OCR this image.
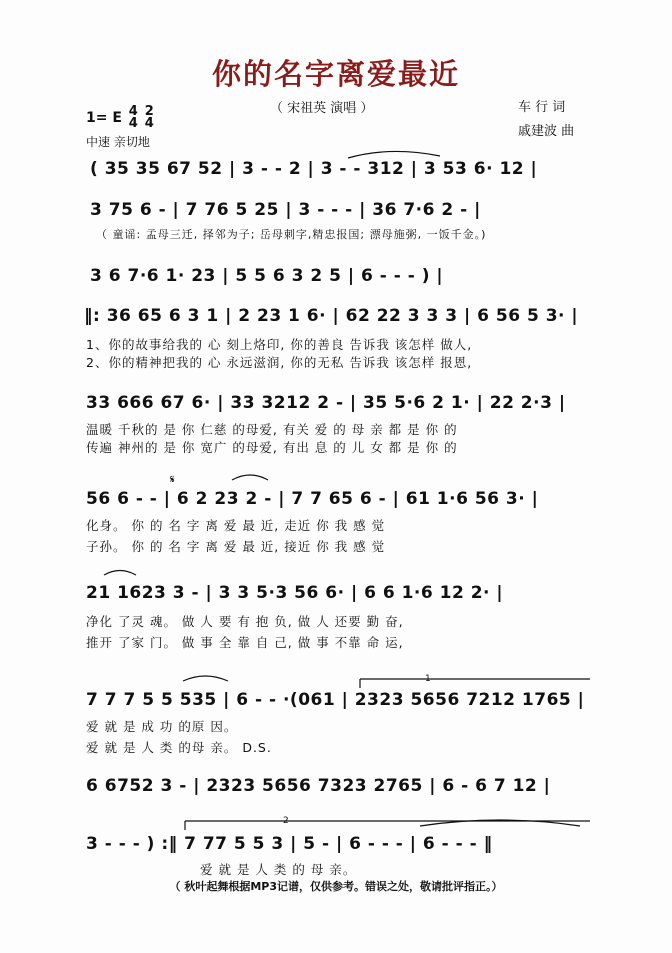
你的名字离爱最近
（ 宋祖英 演唱 ）	车 行 词
戚建波 曲
1= E 4
4 2
4
中速 亲切地
( 35 35 67 52 | 3 - - 2 | 3 - - 312 | 3 53 6· 12 |
3 75 6 - | 7 76 5 25 | 3 - - - | 36 7·6 2 - |
（ 童谣: 孟母三迁, 择邻为子; 岳母刺字,精忠报国; 漂母施粥, 一饭千金。)
3 6 7·6 1· 23 | 5 5 6 3 2 5 | 6 - - - ) |
‖: 36 65 6 3 1 | 2 23 1 6· | 62 22 3 3 3 | 6 56 5 3· |
1、你的故事给我的 心 刻上烙印, 你的善良 告诉我 该怎样 做人,
2、你的精神把我的 心 永远滋润, 你的无私 告诉我 该怎样 报恩,
33 666 67 6· | 33 3212 2 - | 35 5·6 2 1· | 22 2·3 |
温暖 千秋的 是 你 仁慈 的母爱, 有关 爱 的 母 亲 都 是 你 的
传遍 神州的 是 你 宽广 的母爱, 有出 息 的 儿 女 都 是 你 的
56 6 - - | 6 2 23 2 - | 7 7 65 6 - | 61 1·6 56 3· |
化身。 你 的 名 字 离 爱 最 近, 走近 你 我 感 觉
子孙。 你 的 名 字 离 爱 最 近, 接近 你 我 感 觉
21 1623 3 - | 3 3 5·3 56 6· | 6 6 1·6 12 2· |
净化 了灵 魂。 做 人 要 有 抱 负, 做 人 还要 勤 奋,
推开 了家 门。 做 事 全 靠 自 己, 做 事 不靠 命 运,
7 7 7 5 5 535 | 6 - - ·(061 | 2323 5656 7212 1765 |
爱 就 是 成 功 的原 因。
爱 就 是 人 类 的母 亲。 D.S.
6 6752 3 - | 2323 5656 7323 2765 | 6 - 6 7 12 |
3 - - - ) :‖ 7 77 5 5 3 | 5 - | 6 - - - | 6 - - - ‖
爱 就 是 人 类 的 母 亲。
1
2
𝄋
（ 秋叶起舞根据MP3记谱，仅供参考。错误之处，敬请批评指正。）
